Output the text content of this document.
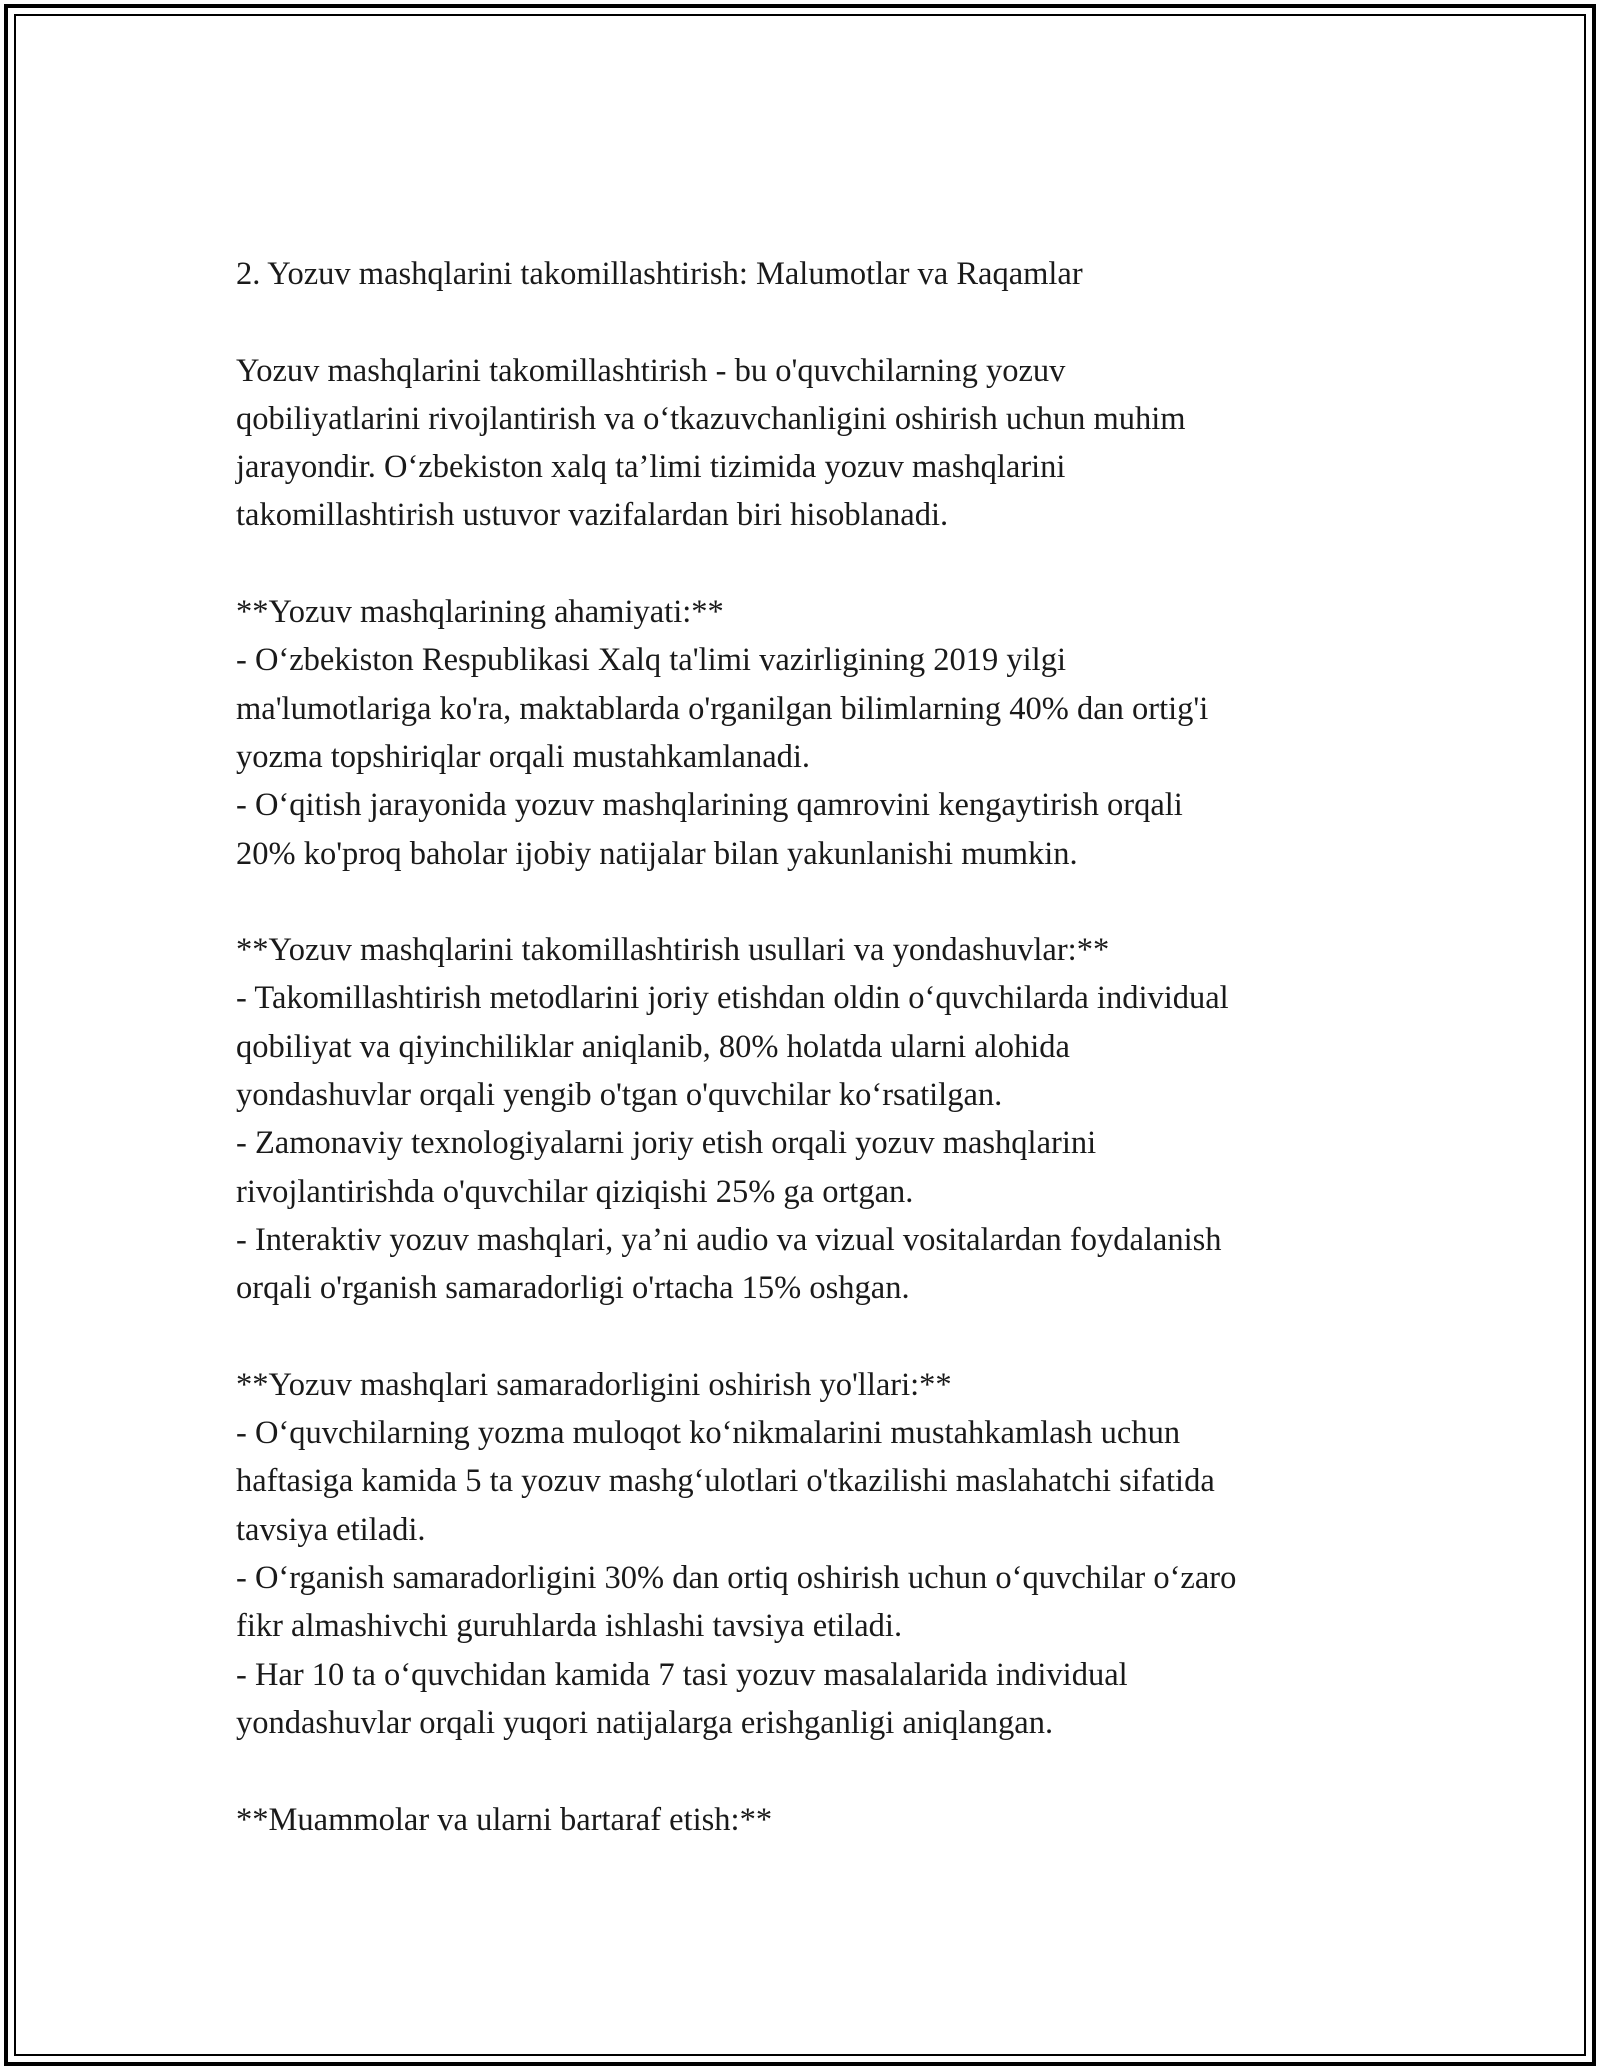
2. Yozuv mashqlarini takomillashtirish: Malumotlar va Raqamlar
Yozuv mashqlarini takomillashtirish - bu o'quvchilarning yozuv
qobiliyatlarini rivojlantirish va o‘tkazuvchanligini oshirish uchun muhim
jarayondir. O‘zbekiston xalq ta’limi tizimida yozuv mashqlarini
takomillashtirish ustuvor vazifalardan biri hisoblanadi.
**Yozuv mashqlarining ahamiyati:**
- O‘zbekiston Respublikasi Xalq ta'limi vazirligining 2019 yilgi
ma'lumotlariga ko'ra, maktablarda o'rganilgan bilimlarning 40% dan ortig'i
yozma topshiriqlar orqali mustahkamlanadi.
- O‘qitish jarayonida yozuv mashqlarining qamrovini kengaytirish orqali
20% ko'proq baholar ijobiy natijalar bilan yakunlanishi mumkin.
**Yozuv mashqlarini takomillashtirish usullari va yondashuvlar:**
- Takomillashtirish metodlarini joriy etishdan oldin o‘quvchilarda individual
qobiliyat va qiyinchiliklar aniqlanib, 80% holatda ularni alohida
yondashuvlar orqali yengib o'tgan o'quvchilar ko‘rsatilgan.
- Zamonaviy texnologiyalarni joriy etish orqali yozuv mashqlarini
rivojlantirishda o'quvchilar qiziqishi 25% ga ortgan.
- Interaktiv yozuv mashqlari, ya’ni audio va vizual vositalardan foydalanish
orqali o'rganish samaradorligi o'rtacha 15% oshgan.
**Yozuv mashqlari samaradorligini oshirish yo'llari:**
- O‘quvchilarning yozma muloqot ko‘nikmalarini mustahkamlash uchun
haftasiga kamida 5 ta yozuv mashg‘ulotlari o'tkazilishi maslahatchi sifatida
tavsiya etiladi.
- O‘rganish samaradorligini 30% dan ortiq oshirish uchun o‘quvchilar o‘zaro
fikr almashivchi guruhlarda ishlashi tavsiya etiladi.
- Har 10 ta o‘quvchidan kamida 7 tasi yozuv masalalarida individual
yondashuvlar orqali yuqori natijalarga erishganligi aniqlangan.
**Muammolar va ularni bartaraf etish:**
